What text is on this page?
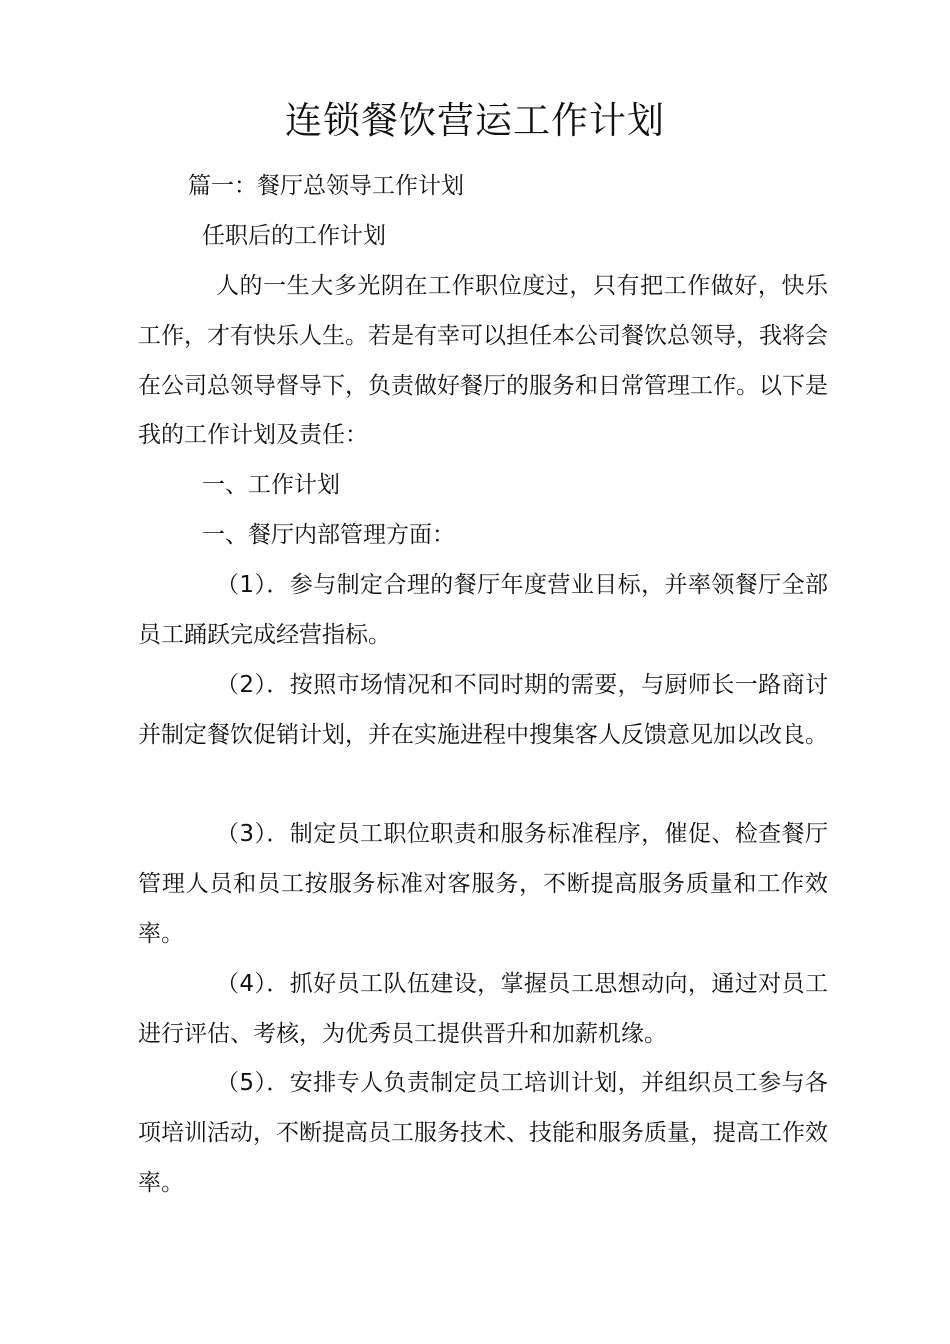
连锁餐饮营运工作计划

篇一：餐厅总领导工作计划

任职后的工作计划

人的一生大多光阴在工作职位度过，只有把工作做好，快乐工作，才有快乐人生。若是有幸可以担任本公司餐饮总领导，我将会在公司总领导督导下，负责做好餐厅的服务和日常管理工作。以下是我的工作计划及责任：

一、工作计划

一、餐厅内部管理方面：

（1）．参与制定合理的餐厅年度营业目标，并率领餐厅全部员工踊跃完成经营指标。

（2）．按照市场情况和不同时期的需要，与厨师长一路商讨并制定餐饮促销计划，并在实施进程中搜集客人反馈意见加以改良。

（3）．制定员工职位职责和服务标准程序，催促、检查餐厅管理人员和员工按服务标准对客服务，不断提高服务质量和工作效率。

（4）．抓好员工队伍建设，掌握员工思想动向，通过对员工进行评估、考核，为优秀员工提供晋升和加薪机缘。

（5）．安排专人负责制定员工培训计划，并组织员工参与各项培训活动，不断提高员工服务技术、技能和服务质量，提高工作效率。
